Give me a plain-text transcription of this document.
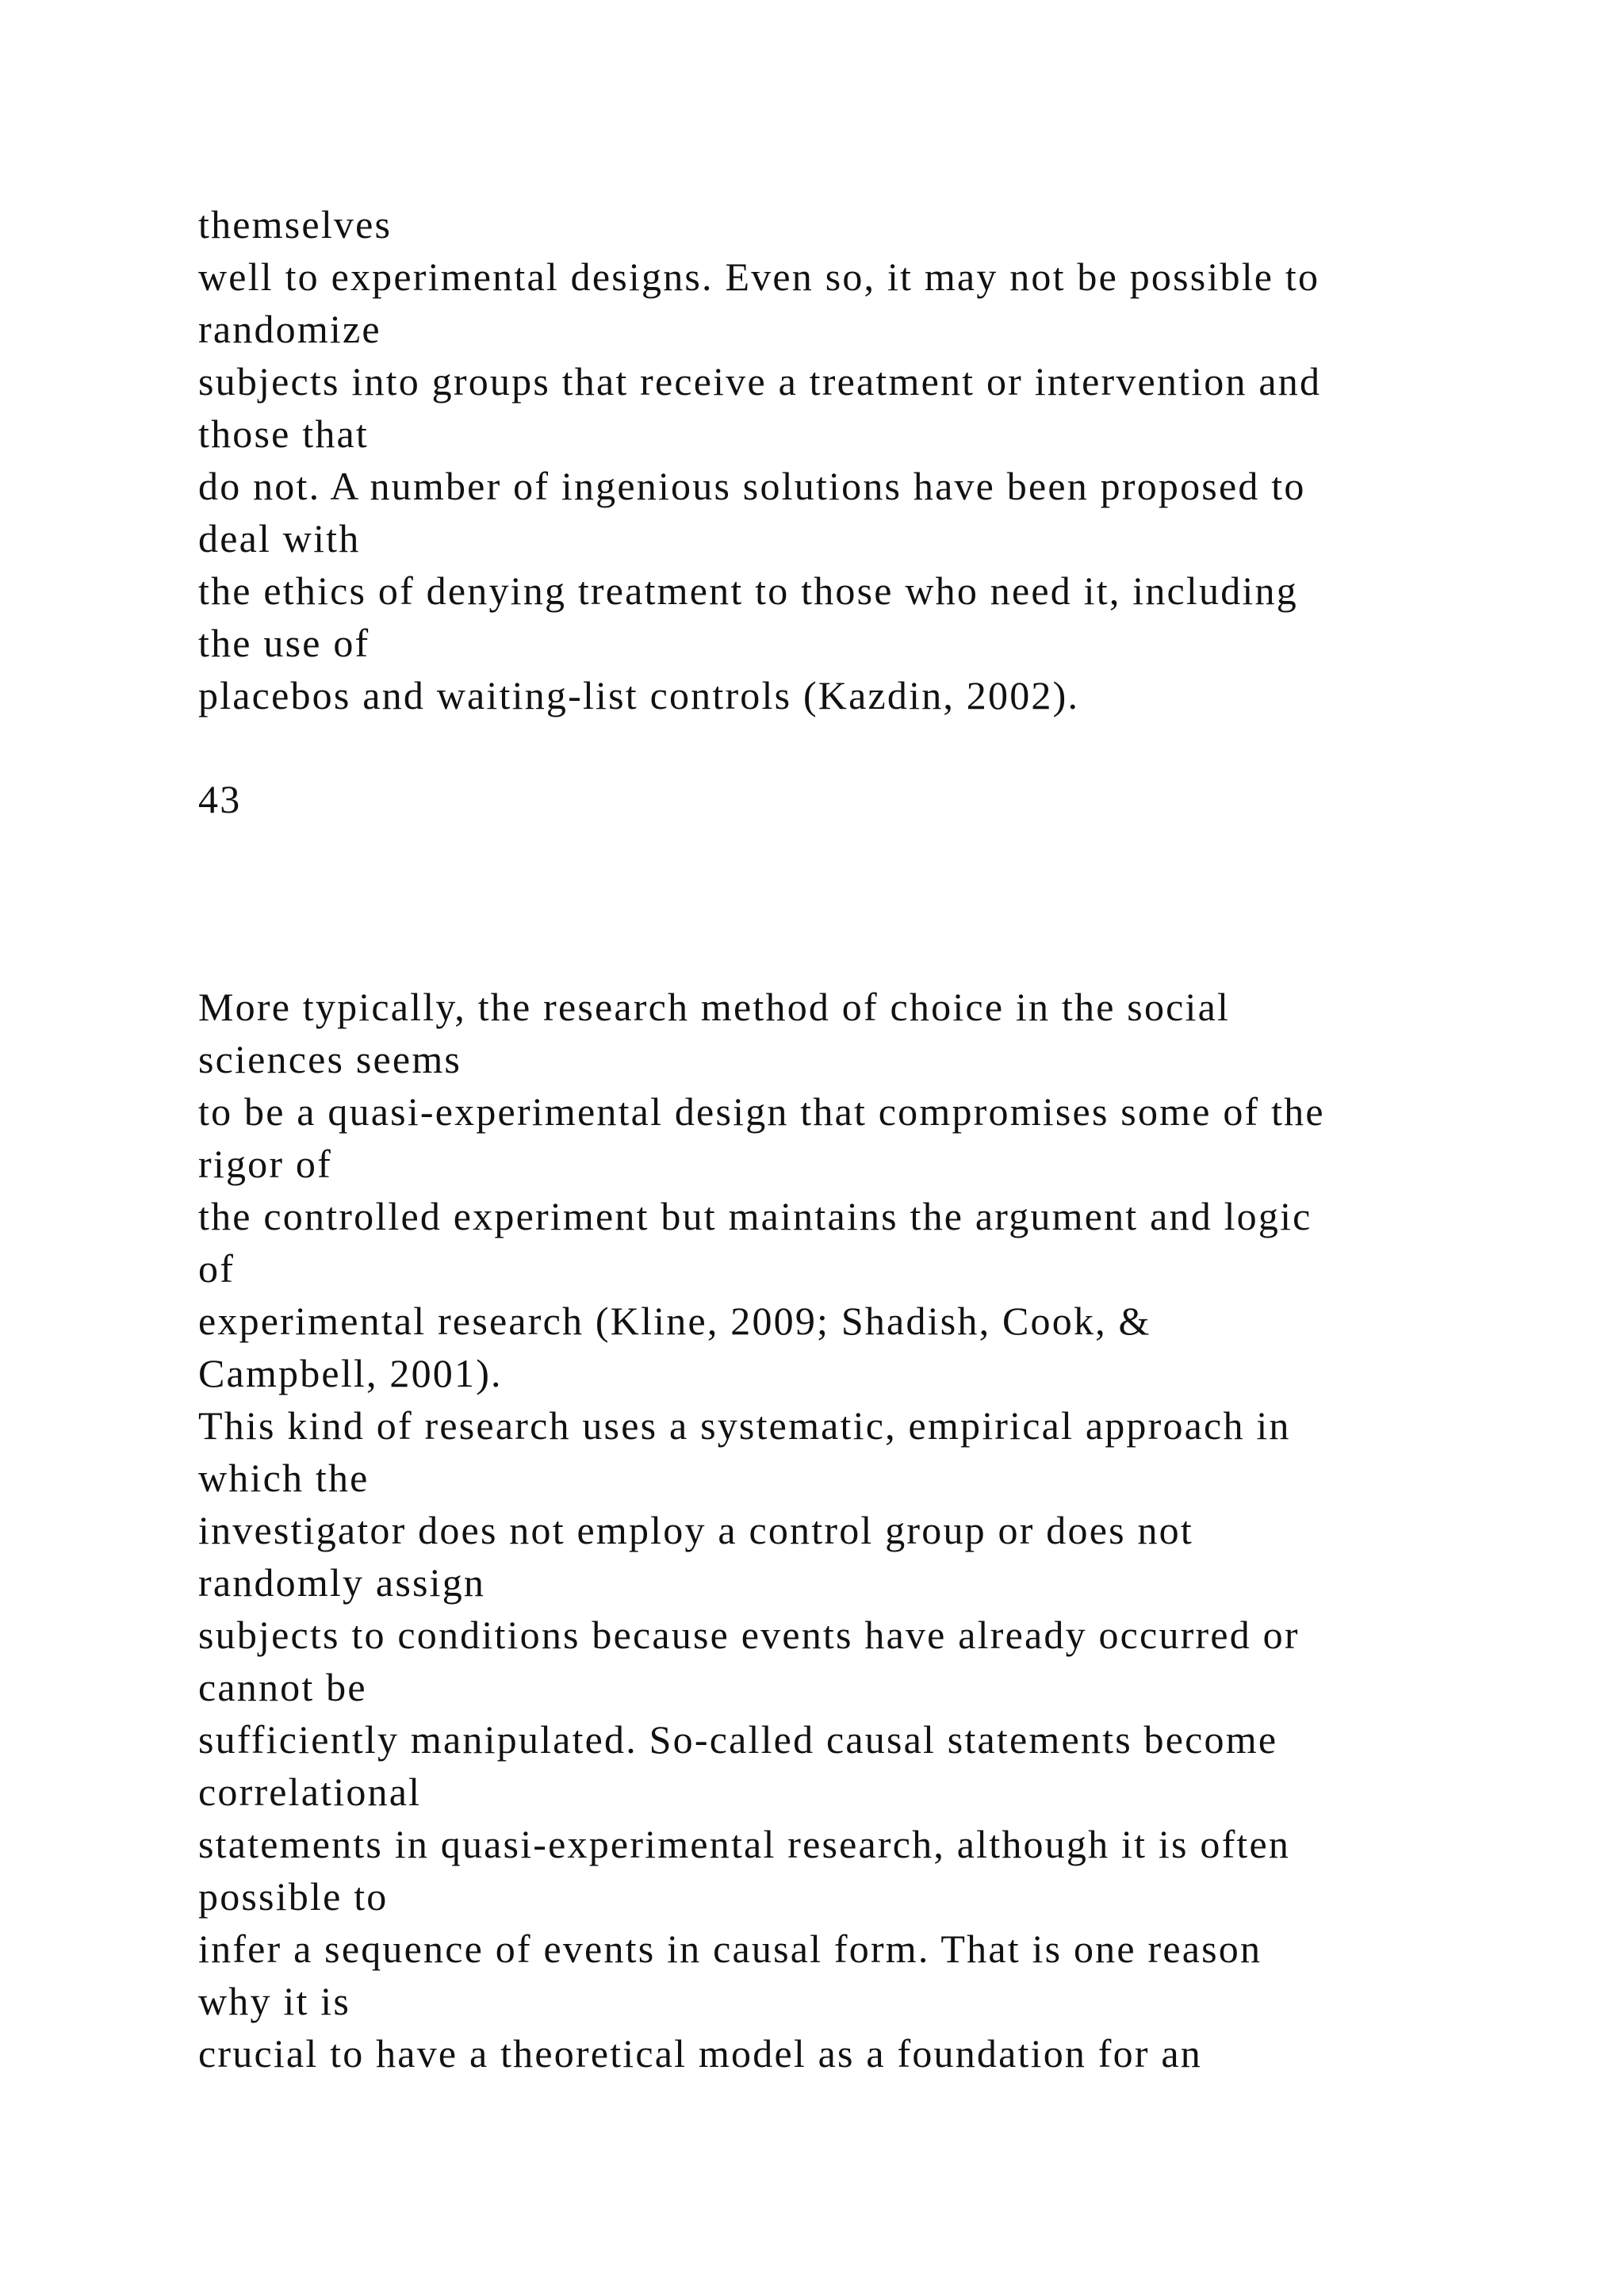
themselves
well to experimental designs. Even so, it may not be possible to
randomize
subjects into groups that receive a treatment or intervention and
those that
do not. A number of ingenious solutions have been proposed to
deal with
the ethics of denying treatment to those who need it, including
the use of
placebos and waiting-list controls (Kazdin, 2002).
43
More typically, the research method of choice in the social
sciences seems
to be a quasi-experimental design that compromises some of the
rigor of
the controlled experiment but maintains the argument and logic
of
experimental research (Kline, 2009; Shadish, Cook, &
Campbell, 2001).
This kind of research uses a systematic, empirical approach in
which the
investigator does not employ a control group or does not
randomly assign
subjects to conditions because events have already occurred or
cannot be
sufficiently manipulated. So-called causal statements become
correlational
statements in quasi-experimental research, although it is often
possible to
infer a sequence of events in causal form. That is one reason
why it is
crucial to have a theoretical model as a foundation for an
